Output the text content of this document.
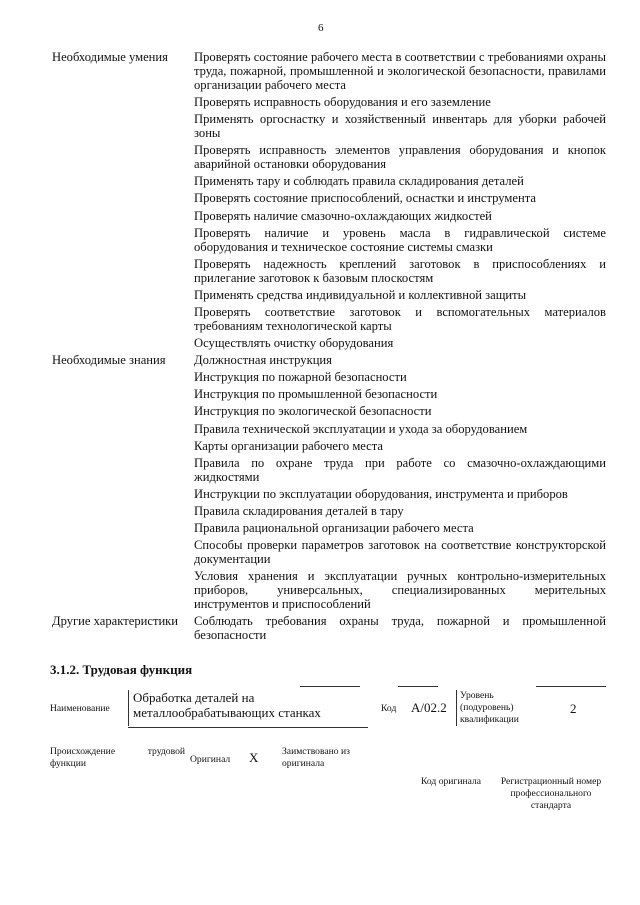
6
Необходимые умения	Проверять состояние рабочего места в соответствии с требованиями охраны труда, пожарной, промышленной и экологической безопасности, правилами организации рабочего места
Проверять исправность оборудования и его заземление
Применять оргоснастку и хозяйственный инвентарь для уборки рабочей зоны
Проверять исправность элементов управления оборудования и кнопок аварийной остановки оборудования
Применять тару и соблюдать правила складирования деталей
Проверять состояние приспособлений, оснастки и инструмента
Проверять наличие смазочно-охлаждающих жидкостей
Проверять наличие и уровень масла в гидравлической системе оборудования и техническое состояние системы смазки
Проверять надежность креплений заготовок в приспособлениях и прилегание заготовок к базовым плоскостям
Применять средства индивидуальной и коллективной защиты
Проверять соответствие заготовок и вспомогательных материалов требованиям технологической карты
Осуществлять очистку оборудования
Необходимые знания	Должностная инструкция
Инструкция по пожарной безопасности
Инструкция по промышленной безопасности
Инструкция по экологической безопасности
Правила технической эксплуатации и ухода за оборудованием
Карты организации рабочего места
Правила по охране труда при работе со смазочно-охлаждающими жидкостями
Инструкции по эксплуатации оборудования, инструмента и приборов
Правила складирования деталей в тару
Правила рациональной организации рабочего места
Способы проверки параметров заготовок на соответствие конструкторской документации
Условия хранения и эксплуатации ручных контрольно-измерительных приборов, универсальных, специализированных мерительных инструментов и приспособлений
Другие характеристики	Соблюдать требования охраны труда, пожарной и промышленной безопасности
3.1.2. Трудовая функция
Наименование
Обработка деталей на металлообрабатывающих станках	Код А/02.2
Уровень (подуровень) квалификации
2
Происхождение трудовой функции	Оригинал X Заимствовано из оригинала
Код оригинала	Регистрационный номер профессионального стандарта
